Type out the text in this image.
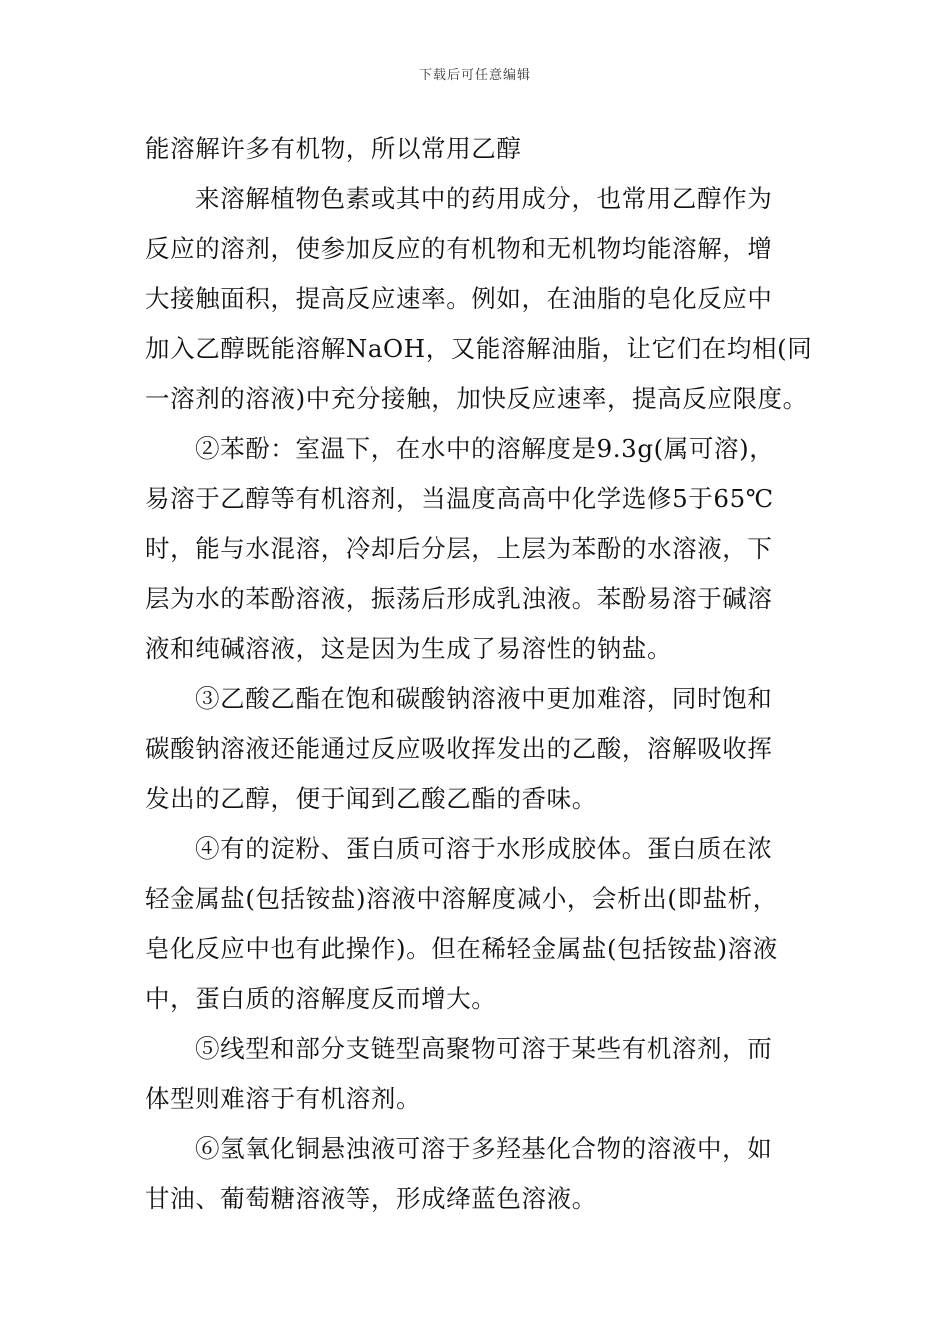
下载后可任意编辑
能溶解许多有机物，所以常用乙醇
来溶解植物色素或其中的药用成分，也常用乙醇作为
反应的溶剂，使参加反应的有机物和无机物均能溶解，增
大接触面积，提高反应速率。例如，在油脂的皂化反应中
加入乙醇既能溶解NaOH，又能溶解油脂，让它们在均相(同
一溶剂的溶液)中充分接触，加快反应速率，提高反应限度。
②苯酚：室温下，在水中的溶解度是9.3g(属可溶)，
易溶于乙醇等有机溶剂，当温度高高中化学选修5于65℃
时，能与水混溶，冷却后分层，上层为苯酚的水溶液，下
层为水的苯酚溶液，振荡后形成乳浊液。苯酚易溶于碱溶
液和纯碱溶液，这是因为生成了易溶性的钠盐。
③乙酸乙酯在饱和碳酸钠溶液中更加难溶，同时饱和
碳酸钠溶液还能通过反应吸收挥发出的乙酸，溶解吸收挥
发出的乙醇，便于闻到乙酸乙酯的香味。
④有的淀粉、蛋白质可溶于水形成胶体。蛋白质在浓
轻金属盐(包括铵盐)溶液中溶解度减小，会析出(即盐析，
皂化反应中也有此操作)。但在稀轻金属盐(包括铵盐)溶液
中，蛋白质的溶解度反而增大。
⑤线型和部分支链型高聚物可溶于某些有机溶剂，而
体型则难溶于有机溶剂。
⑥氢氧化铜悬浊液可溶于多羟基化合物的溶液中，如
甘油、葡萄糖溶液等，形成绛蓝色溶液。
